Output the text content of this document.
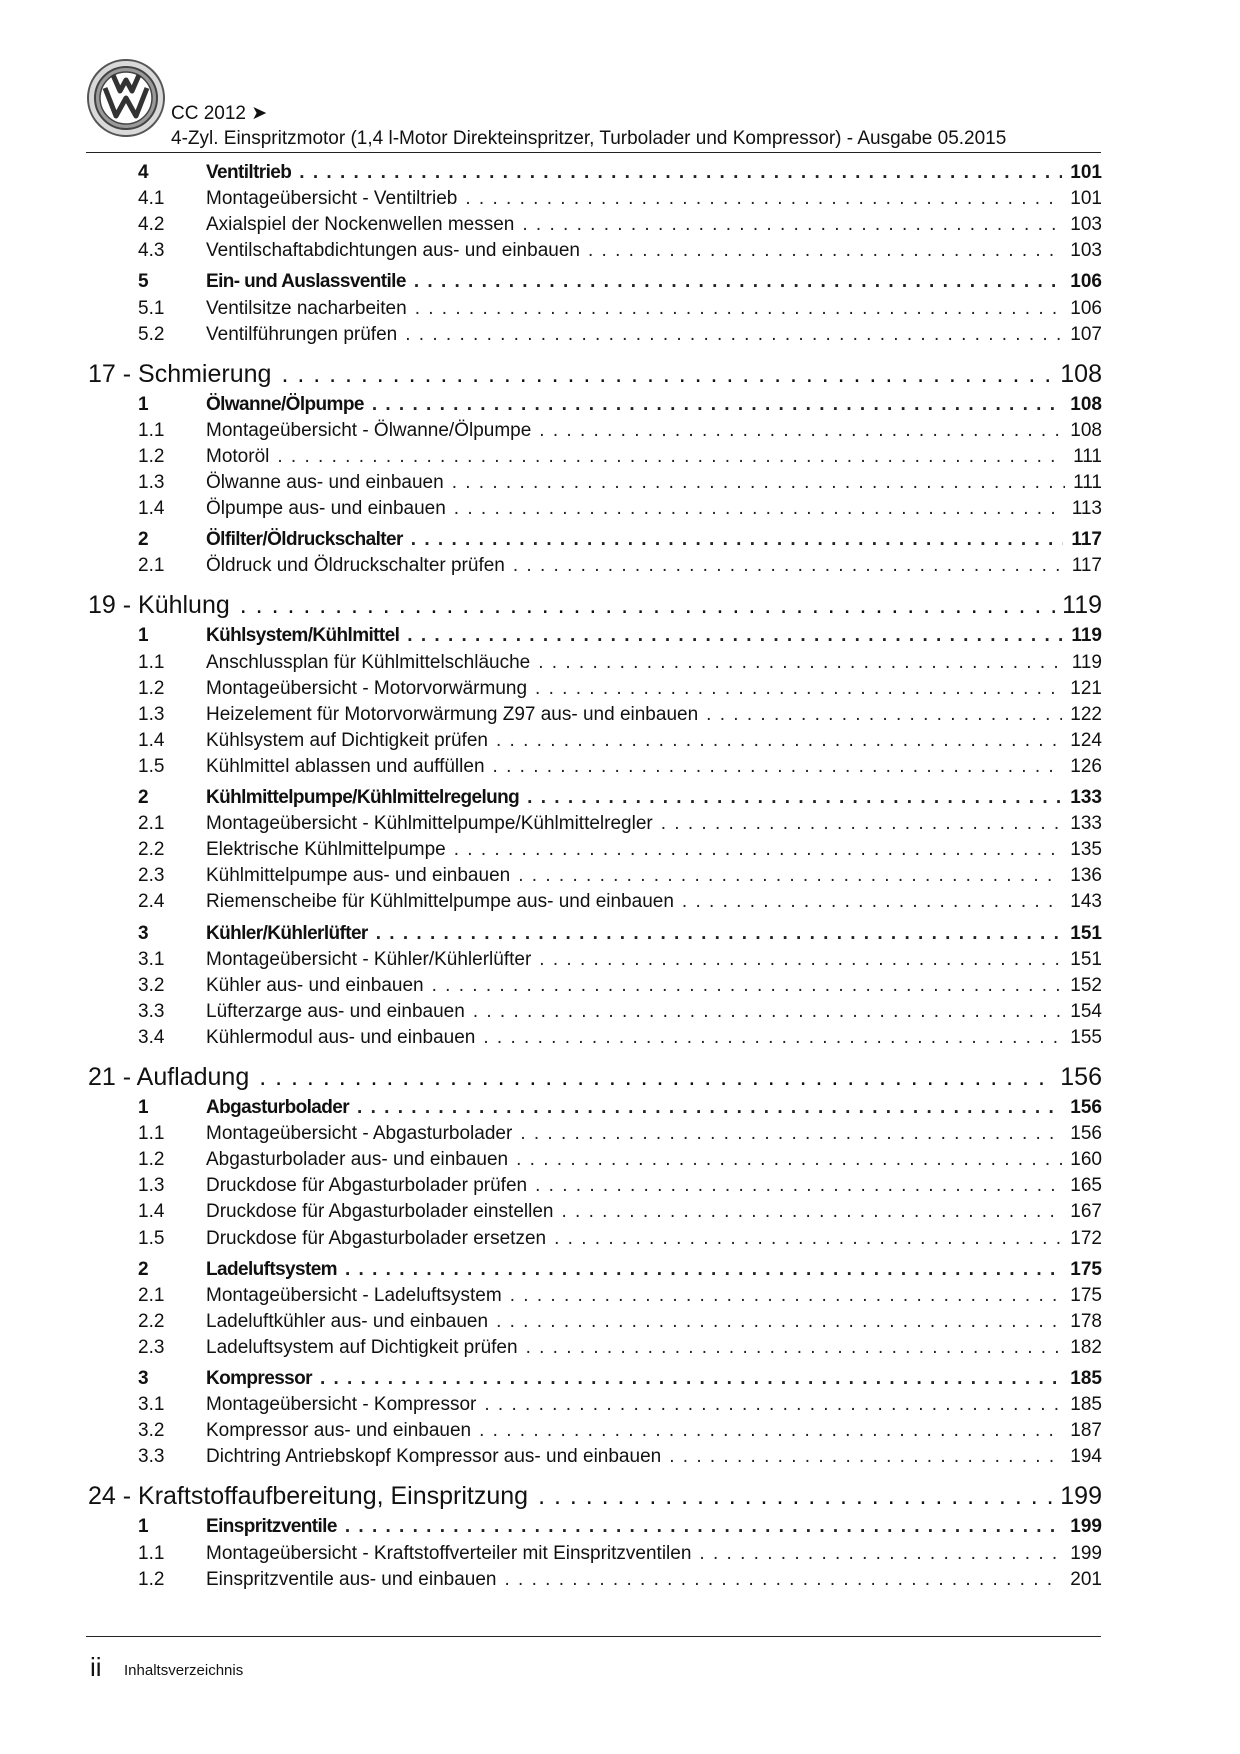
CC 2012 ➤
4-Zyl. Einspritzmotor (1,4 l-Motor Direkteinspritzer, Turbolader und Kompressor) - Ausgabe 05.2015
4	Ventiltrieb . . .	101
4.1 Montageübersicht - Ventiltrieb . . .	101
4.2 Axialspiel der Nockenwellen messen . . .	103
4.3 Ventilschaftabdichtungen aus- und einbauen . . .	103
5	Ein- und Auslassventile . . .	106
5.1 Ventilsitze nacharbeiten . . .	106
5.2 Ventilführungen prüfen . . .	107
17 - Schmierung . . .	108
1	Ölwanne/Ölpumpe . . .	108
1.1 Montageübersicht - Ölwanne/Ölpumpe . . .	108
1.2 Motoröl . . .	111
1.3 Ölwanne aus- und einbauen . . .	111
1.4 Ölpumpe aus- und einbauen . . .	113
2	Ölfilter/Öldruckschalter . . .	117
2.1 Öldruck und Öldruckschalter prüfen . . .	117
19 - Kühlung . . .	119
1	Kühlsystem/Kühlmittel . . .	119
1.1 Anschlussplan für Kühlmittelschläuche . . .	119
1.2 Montageübersicht - Motorvorwärmung . . .	121
1.3 Heizelement für Motorvorwärmung Z97 aus- und einbauen . . .	122
1.4 Kühlsystem auf Dichtigkeit prüfen . . .	124
1.5 Kühlmittel ablassen und auffüllen . . .	126
2	Kühlmittelpumpe/Kühlmittelregelung . . .	133
2.1 Montageübersicht - Kühlmittelpumpe/Kühlmittelregler . . .	133
2.2 Elektrische Kühlmittelpumpe . . .	135
2.3 Kühlmittelpumpe aus- und einbauen . . .	136
2.4 Riemenscheibe für Kühlmittelpumpe aus- und einbauen . . .	143
3	Kühler/Kühlerlüfter . . .	151
3.1 Montageübersicht - Kühler/Kühlerlüfter . . .	151
3.2 Kühler aus- und einbauen . . .	152
3.3 Lüfterzarge aus- und einbauen . . .	154
3.4 Kühlermodul aus- und einbauen . . .	155
21 - Aufladung . . .	156
1	Abgasturbolader . . .	156
1.1 Montageübersicht - Abgasturbolader . . .	156
1.2 Abgasturbolader aus- und einbauen . . .	160
1.3 Druckdose für Abgasturbolader prüfen . . .	165
1.4 Druckdose für Abgasturbolader einstellen . . .	167
1.5 Druckdose für Abgasturbolader ersetzen . . .	172
2	Ladeluftsystem . . .	175
2.1 Montageübersicht - Ladeluftsystem . . .	175
2.2 Ladeluftkühler aus- und einbauen . . .	178
2.3 Ladeluftsystem auf Dichtigkeit prüfen . . .	182
3	Kompressor . . .	185
3.1 Montageübersicht - Kompressor . . .	185
3.2 Kompressor aus- und einbauen . . .	187
3.3 Dichtring Antriebskopf Kompressor aus- und einbauen . . .	194
24 - Kraftstoffaufbereitung, Einspritzung . . .	199
1	Einspritzventile . . .	199
1.1 Montageübersicht - Kraftstoffverteiler mit Einspritzventilen . . .	199
1.2 Einspritzventile aus- und einbauen . . .	201
ii Inhaltsverzeichnis
